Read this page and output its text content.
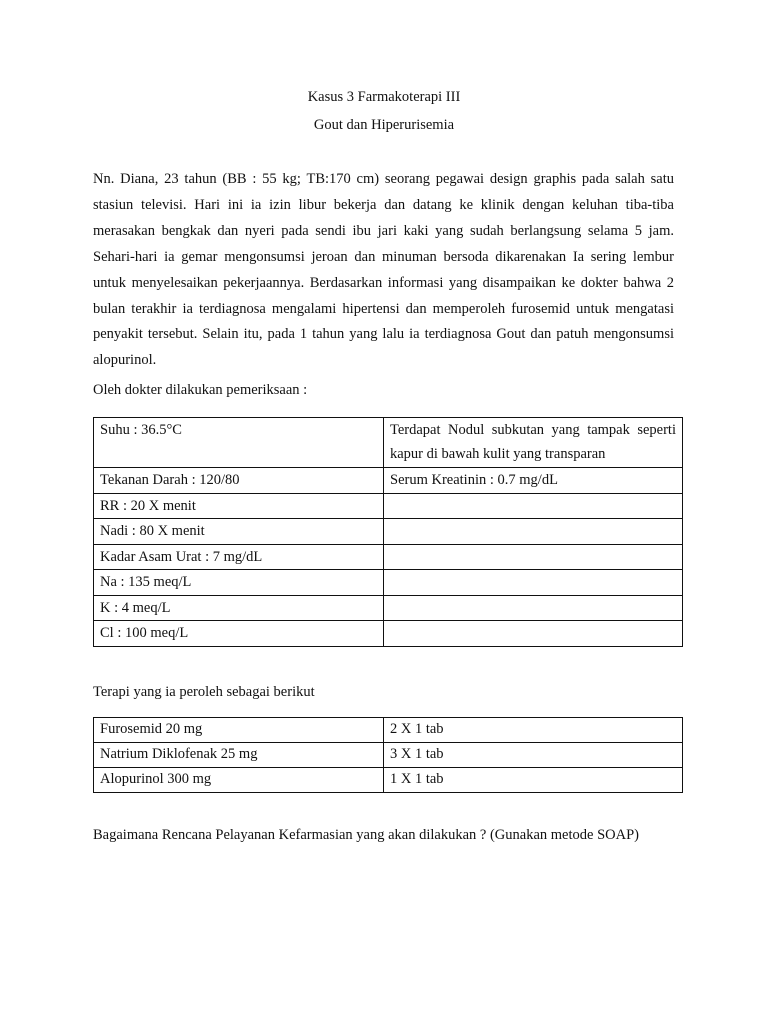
Kasus 3 Farmakoterapi III
Gout dan Hiperurisemia

Nn. Diana, 23 tahun (BB : 55 kg; TB:170 cm) seorang pegawai design graphis pada salah satu stasiun televisi. Hari ini ia izin libur bekerja dan datang ke klinik dengan keluhan tiba-tiba merasakan bengkak dan nyeri pada sendi ibu jari kaki yang sudah berlangsung selama 5 jam. Sehari-hari ia gemar mengonsumsi jeroan dan minuman bersoda dikarenakan Ia sering lembur untuk menyelesaikan pekerjaannya. Berdasarkan informasi yang disampaikan ke dokter bahwa 2 bulan terakhir ia terdiagnosa mengalami hipertensi dan memperoleh furosemid untuk mengatasi penyakit tersebut. Selain itu, pada 1 tahun yang lalu ia terdiagnosa Gout dan patuh mengonsumsi alopurinol.

Oleh dokter dilakukan pemeriksaan :

Suhu : 36.5°C	Terdapat Nodul subkutan yang tampak seperti kapur di bawah kulit yang transparan
Tekanan Darah : 120/80	Serum Kreatinin : 0.7 mg/dL
RR : 20 X menit	
Nadi : 80 X menit	
Kadar Asam Urat : 7 mg/dL	
Na : 135 meq/L	
K : 4 meq/L	
Cl : 100 meq/L	

Terapi yang ia peroleh sebagai berikut

Furosemid 20 mg	2 X 1 tab
Natrium Diklofenak 25 mg	3 X 1 tab
Alopurinol 300 mg	1 X 1 tab

Bagaimana Rencana Pelayanan Kefarmasian yang akan dilakukan ? (Gunakan metode SOAP)
